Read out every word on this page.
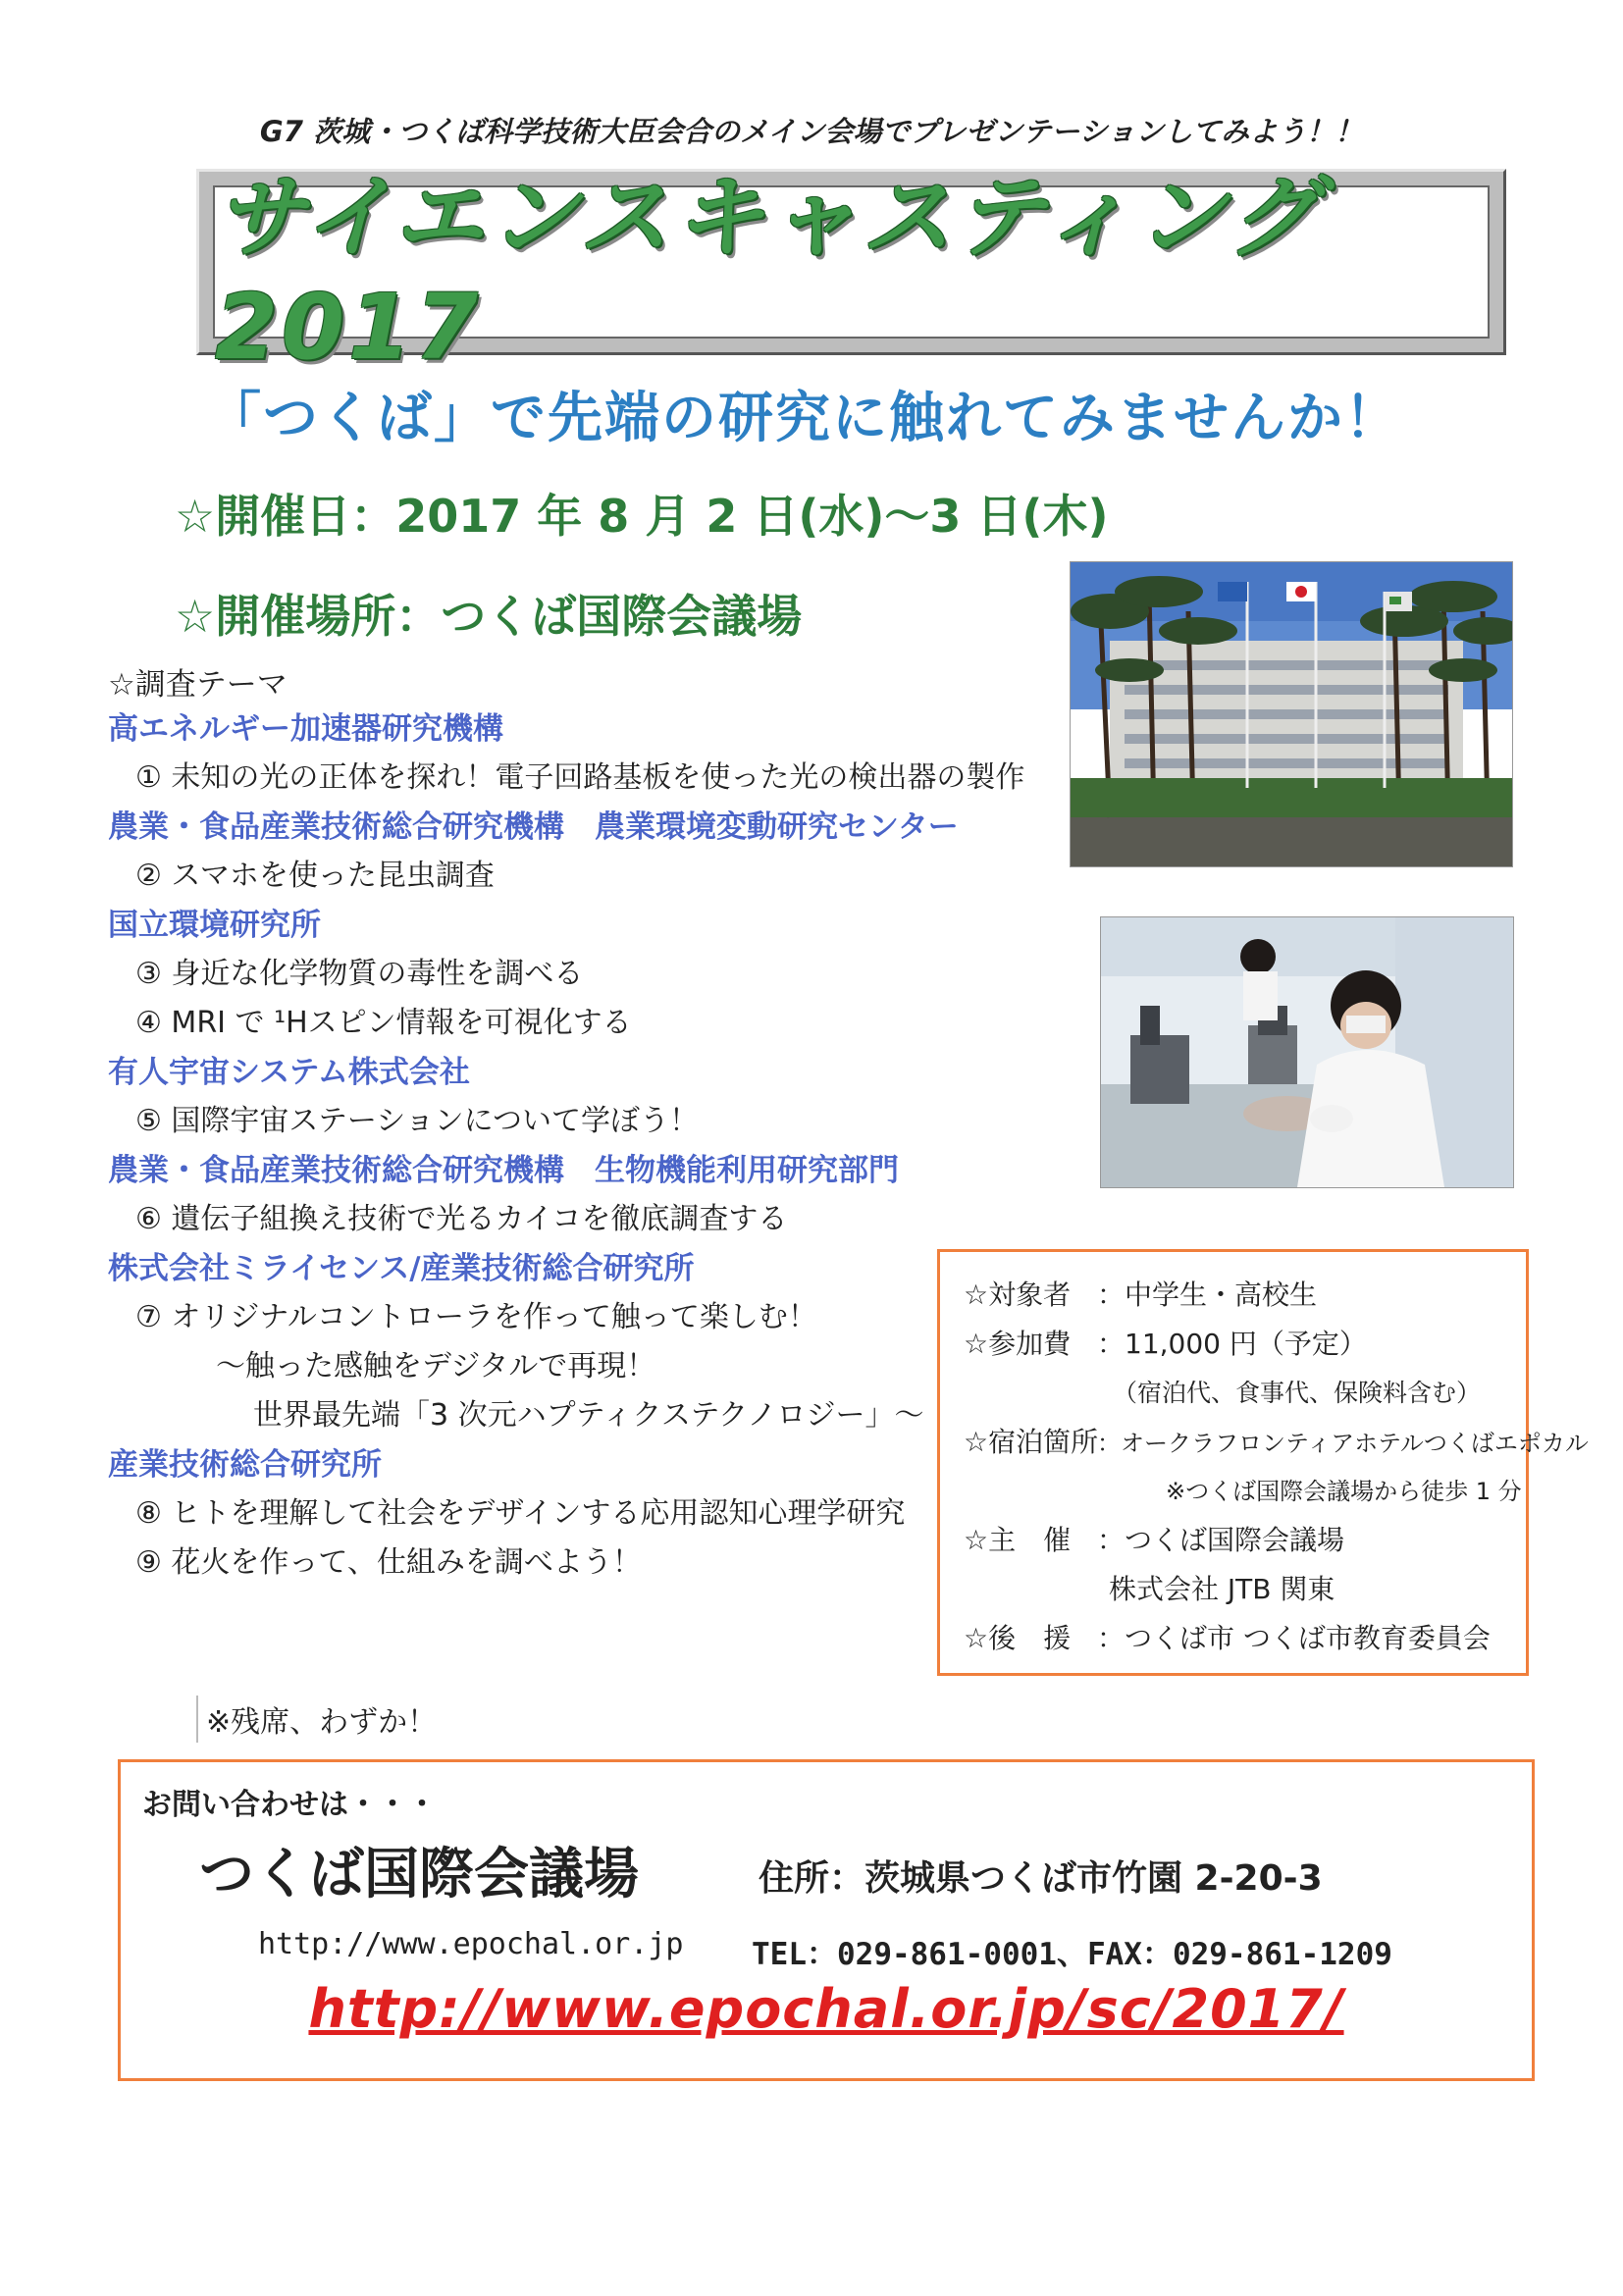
G7 茨城・つくば科学技術大臣会合のメイン会場でプレゼンテーションしてみよう！！
サイエンスキャスティング 2017
「つくば」で先端の研究に触れてみませんか！
☆開催日：2017 年 8 月 2 日(水)～3 日(木)
☆開催場所：つくば国際会議場
☆調査テーマ
高エネルギー加速器研究機構
① 未知の光の正体を探れ！電子回路基板を使った光の検出器の製作
農業・食品産業技術総合研究機構　農業環境変動研究センター
② スマホを使った昆虫調査
国立環境研究所
③ 身近な化学物質の毒性を調べる
④ MRI で ¹Hスピン情報を可視化する
有人宇宙システム株式会社
⑤ 国際宇宙ステーションについて学ぼう！
農業・食品産業技術総合研究機構　生物機能利用研究部門
⑥ 遺伝子組換え技術で光るカイコを徹底調査する
株式会社ミライセンス/産業技術総合研究所
⑦ オリジナルコントローラを作って触って楽しむ！
～触った感触をデジタルで再現！
世界最先端「3 次元ハプティクステクノロジー」～
産業技術総合研究所
⑧ ヒトを理解して社会をデザインする応用認知心理学研究
⑨ 花火を作って、仕組みを調べよう！
☆対象者 ：中学生・高校生
☆参加費 ：11,000 円（予定）
（宿泊代、食事代、保険料含む）
☆宿泊箇所：オークラフロンティアホテルつくばエポカル
※つくば国際会議場から徒歩 1 分
☆主　催 ：つくば国際会議場
株式会社 JTB 関東
☆後　援 ：つくば市 つくば市教育委員会
※残席、わずか！
お問い合わせは・・・
つくば国際会議場	住所：茨城県つくば市竹園 2-20-3
http://www.epochal.or.jp TEL：029-861-0001、FAX：029-861-1209
http://www.epochal.or.jp/sc/2017/
